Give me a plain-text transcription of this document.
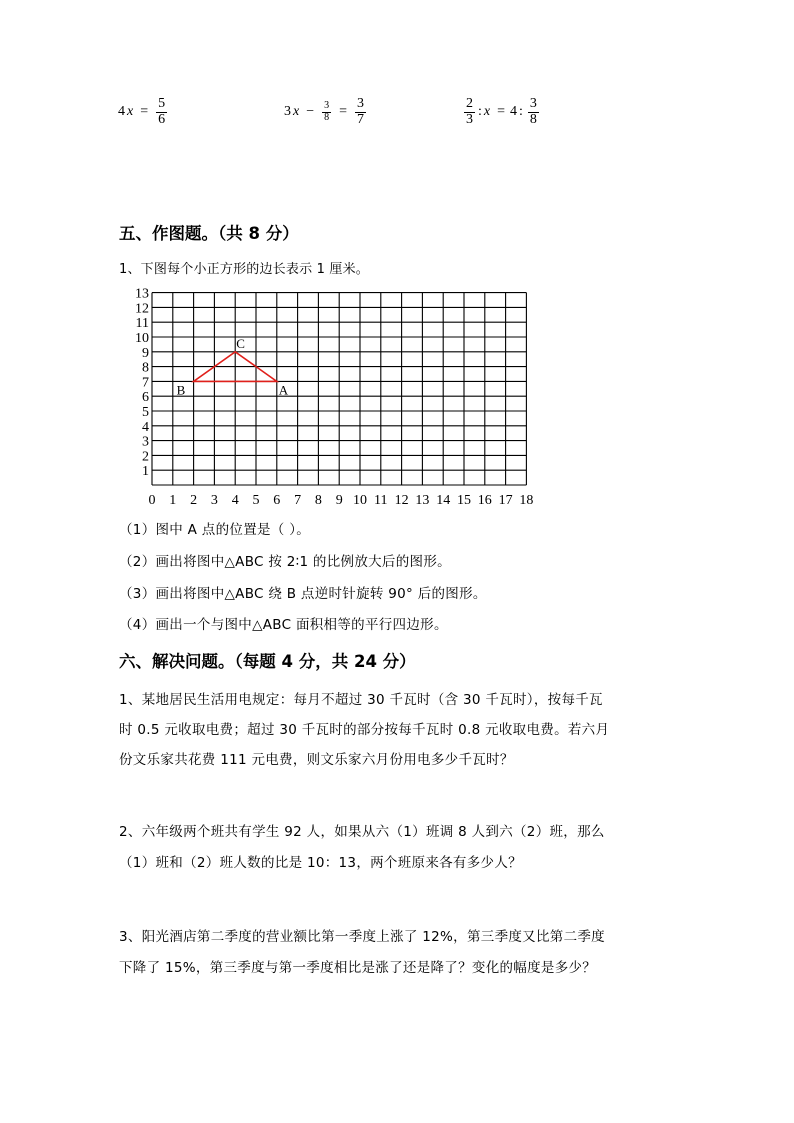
4 $x = \frac{5}{6}$	3 $x - \frac{3}{8} = \frac{3}{7}$	$\frac{2}{3}$ : x = 4 : $\frac{3}{8}$
五、作图题。（共 8 分）
1、下图每个小正方形的边长表示 1 厘米。
0 1 2 3 4 5 6 7 8 9 10 11 12 13 14 15 16 17 18
1
2
3
4
5
6
7
8
9
10
11
12
13
A
B
C
（1）图中 A 点的位置是（ ）。
（2）画出将图中△ABC 按 2∶1 的比例放大后的图形。
（3）画出将图中△ABC 绕 B 点逆时针旋转 90° 后的图形。
（4）画出一个与图中△ABC 面积相等的平行四边形。
六、解决问题。（每题 4 分，共 24 分）
1、某地居民生活用电规定：每月不超过 30 千瓦时（含 30 千瓦时），按每千瓦
时 0.5 元收取电费；超过 30 千瓦时的部分按每千瓦时 0.8 元收取电费。若六月
份文乐家共花费 111 元电费，则文乐家六月份用电多少千瓦时？
2、六年级两个班共有学生 92 人，如果从六（1）班调 8 人到六（2）班，那么
（1）班和（2）班人数的比是 10：13，两个班原来各有多少人？
3、阳光酒店第二季度的营业额比第一季度上涨了 12%，第三季度又比第二季度
下降了 15%，第三季度与第一季度相比是涨了还是降了？变化的幅度是多少？
